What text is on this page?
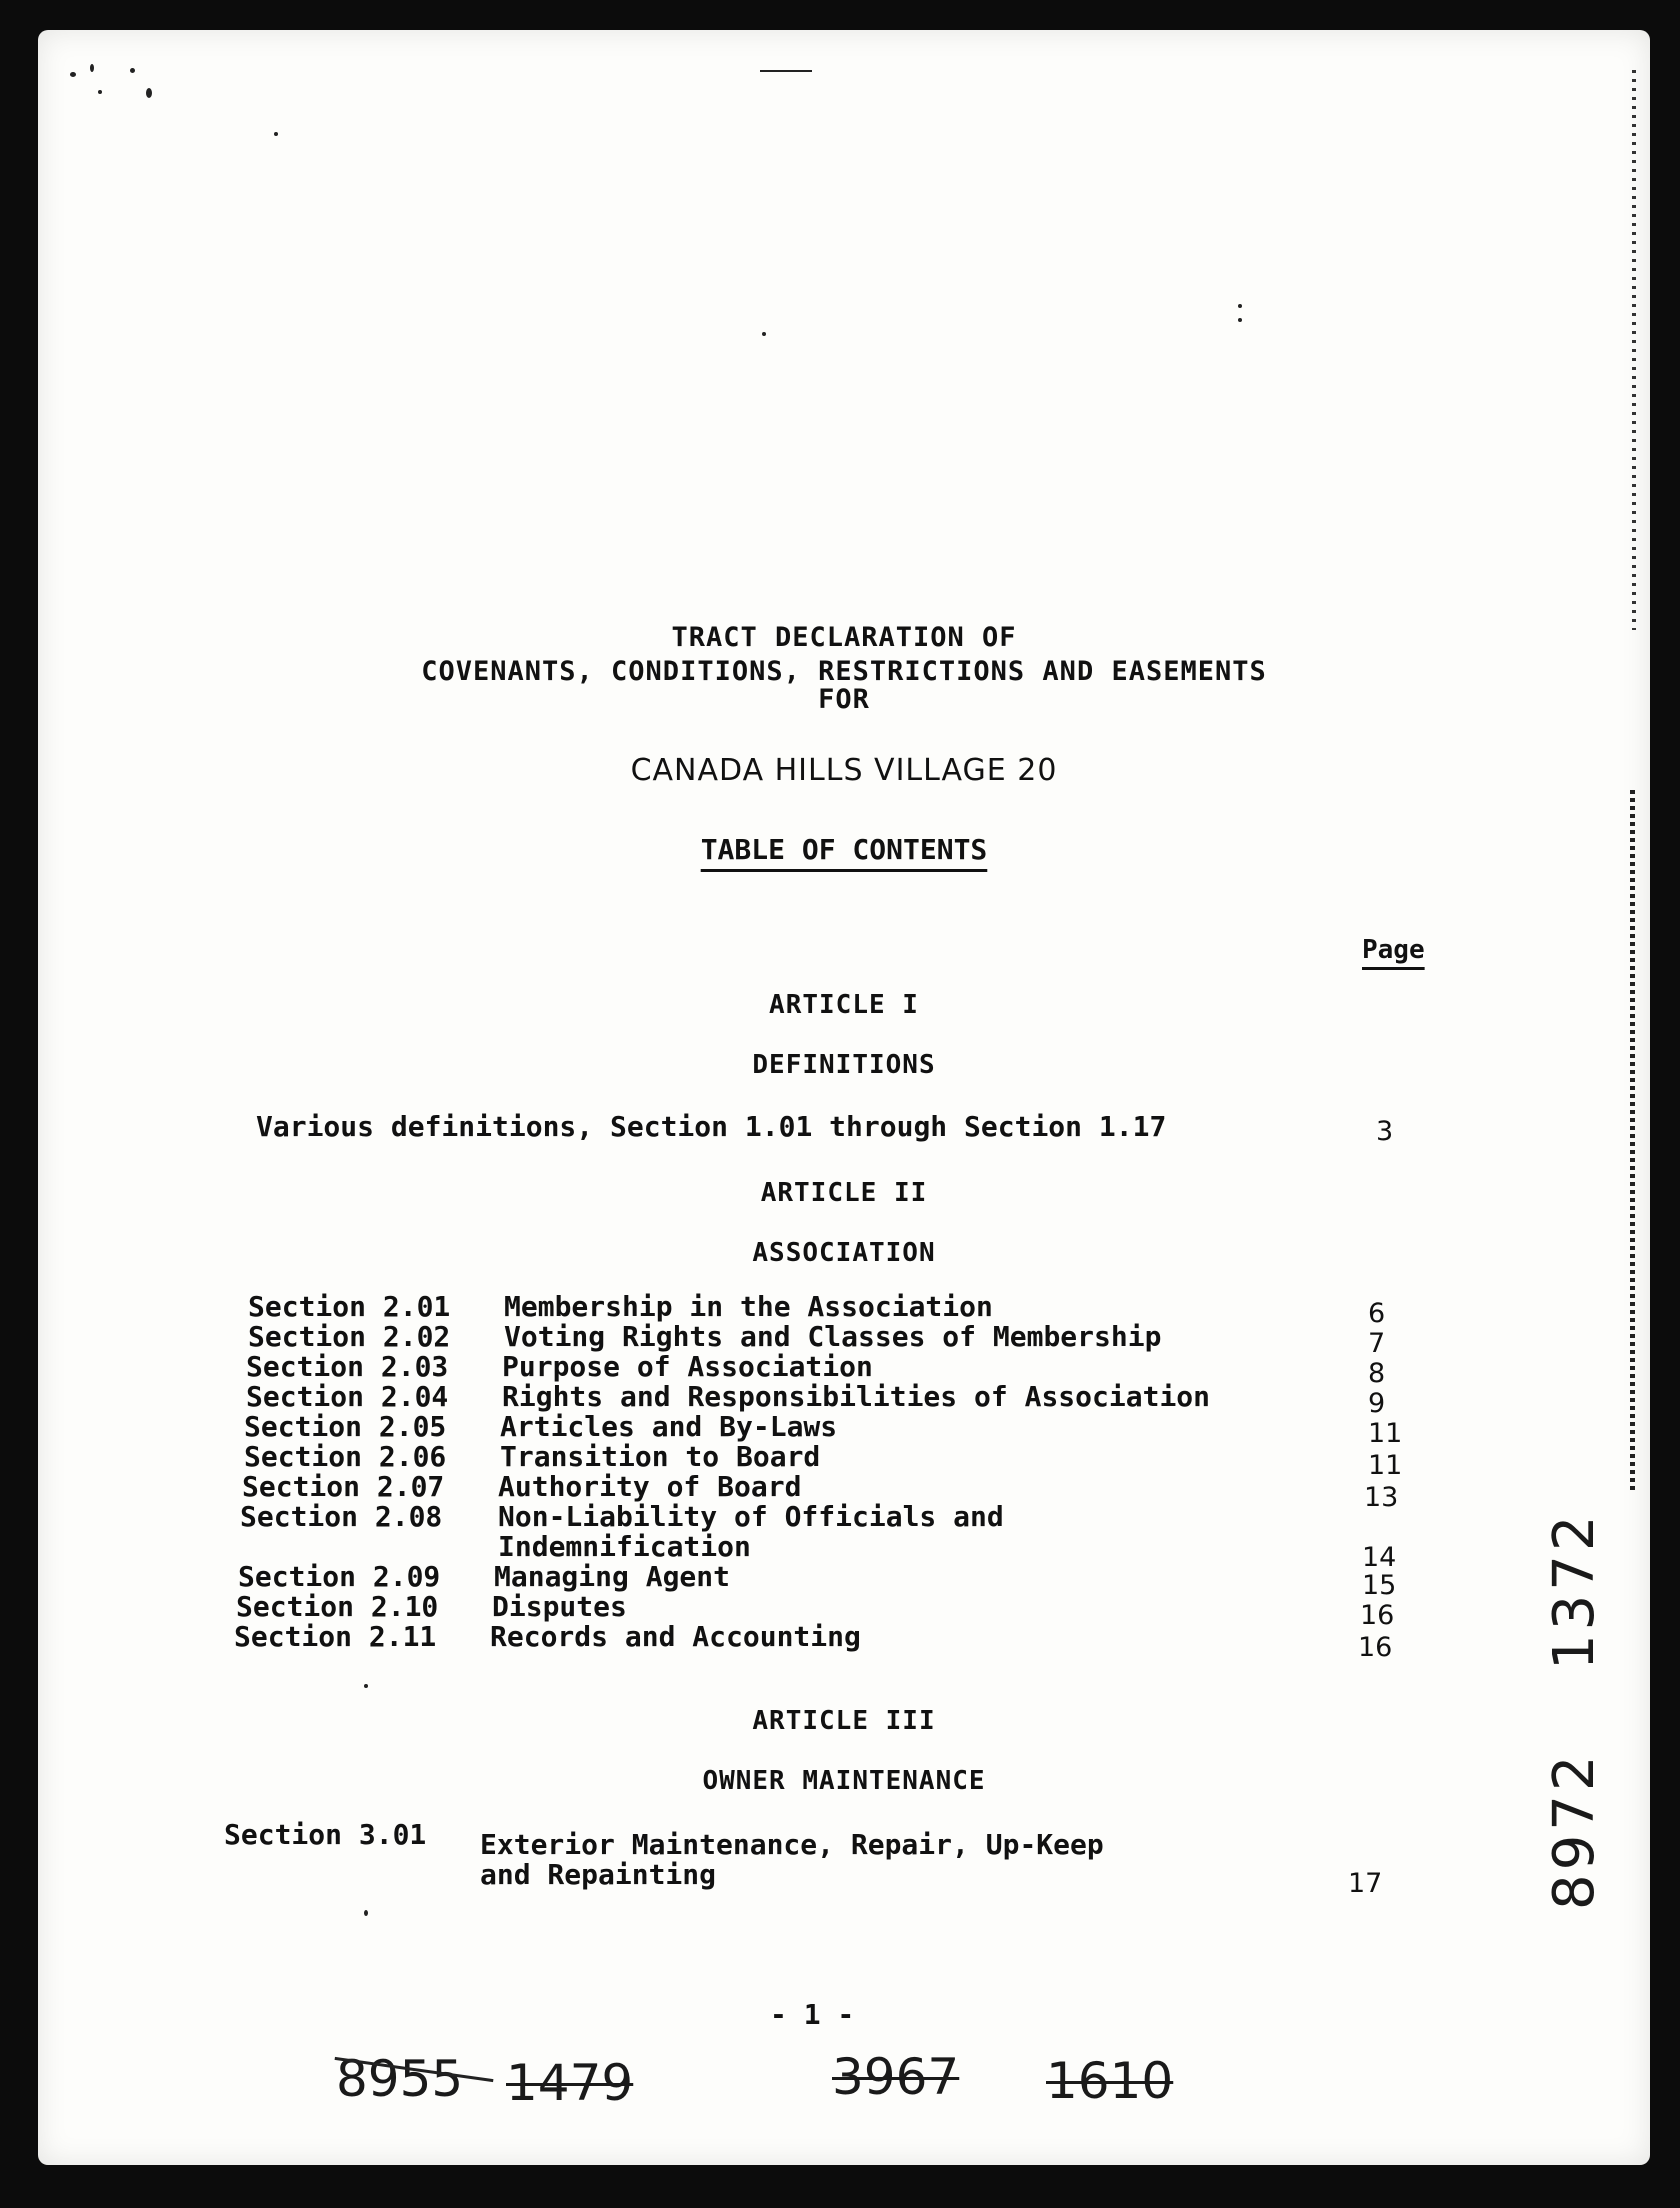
TRACT DECLARATION OF
COVENANTS, CONDITIONS, RESTRICTIONS AND EASEMENTS
FOR
CANADA HILLS VILLAGE 20
TABLE OF CONTENTS
Page
ARTICLE I
DEFINITIONS
Various definitions, Section 1.01 through Section 1.17	3
ARTICLE II
ASSOCIATION
Section 2.01 Membership in the Association	6
Section 2.02 Voting Rights and Classes of Membership	7
Section 2.03 Purpose of Association	8
Section 2.04 Rights and Responsibilities of Association	9
Section 2.05 Articles and By-Laws	11
Section 2.06 Transition to Board	11
Section 2.07 Authority of Board	13
Section 2.08 Non-Liability of Officials and
Indemnification	14
Section 2.09 Managing Agent	15
Section 2.10 Disputes	16
Section 2.11 Records and Accounting	16
ARTICLE III
OWNER MAINTENANCE
Section 3.01 Exterior Maintenance, Repair, Up-Keep
and Repainting	17
- 1 -
8955 1479	3967 1610
8972
1372
